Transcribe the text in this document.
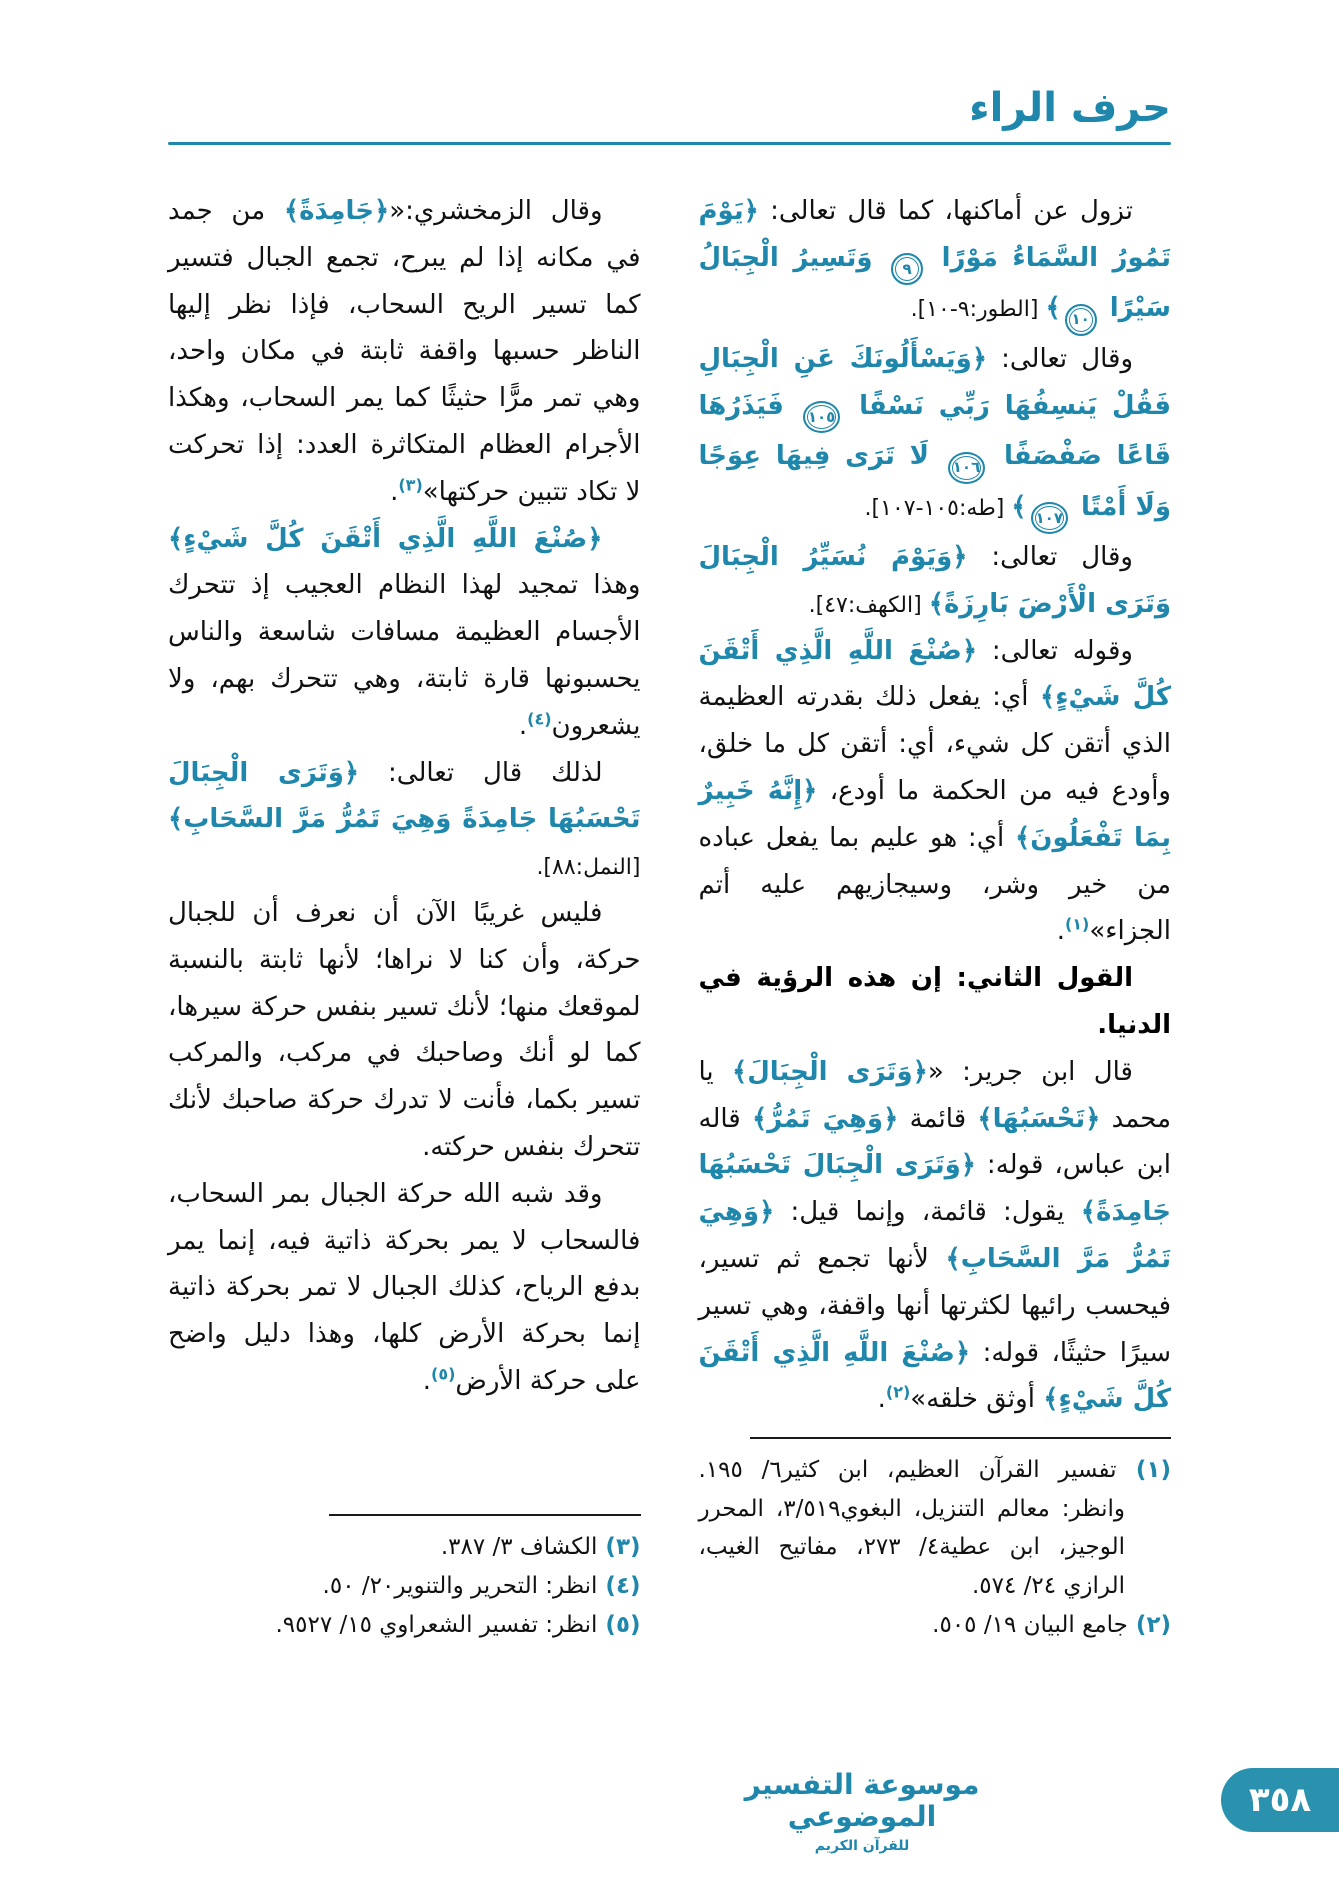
حرف الراء

تزول عن أماكنها، كما قال تعالى: ﴿يَوْمَ تَمُورُ السَّمَاءُ مَوْرًا ٩ وَتَسِيرُ الْجِبَالُ سَيْرًا ١٠﴾ [الطور:٩-١٠].

وقال تعالى: ﴿وَيَسْأَلُونَكَ عَنِ الْجِبَالِ فَقُلْ يَنسِفُهَا رَبِّي نَسْفًا ١٠٥ فَيَذَرُهَا قَاعًا صَفْصَفًا ١٠٦ لَا تَرَى فِيهَا عِوَجًا وَلَا أَمْتًا ١٠٧﴾ [طه:١٠٥-١٠٧].

وقال تعالى: ﴿وَيَوْمَ نُسَيِّرُ الْجِبَالَ وَتَرَى الْأَرْضَ بَارِزَةً﴾ [الكهف:٤٧].

وقوله تعالى: ﴿صُنْعَ اللَّهِ الَّذِي أَتْقَنَ كُلَّ شَيْءٍ﴾ أي: يفعل ذلك بقدرته العظيمة الذي أتقن كل شيء، أي: أتقن كل ما خلق، وأودع فيه من الحكمة ما أودع، ﴿إِنَّهُ خَبِيرٌ بِمَا تَفْعَلُونَ﴾ أي: هو عليم بما يفعل عباده من خير وشر، وسيجازيهم عليه أتم الجزاء»$^{(١)}$.

القول الثاني: إن هذه الرؤية في الدنيا.

قال ابن جرير: «﴿وَتَرَى الْجِبَالَ﴾ يا محمد ﴿تَحْسَبُهَا﴾ قائمة ﴿وَهِيَ تَمُرُّ﴾ قاله ابن عباس، قوله: ﴿وَتَرَى الْجِبَالَ تَحْسَبُهَا جَامِدَةً﴾ يقول: قائمة، وإنما قيل: ﴿وَهِيَ تَمُرُّ مَرَّ السَّحَابِ﴾ لأنها تجمع ثم تسير، فيحسب رائيها لكثرتها أنها واقفة، وهي تسير سيرًا حثيثًا، قوله: ﴿صُنْعَ اللَّهِ الَّذِي أَتْقَنَ كُلَّ شَيْءٍ﴾ أوثق خلقه»$^{(٢)}$.

(١) تفسير القرآن العظيم، ابن كثير٦/ ١٩٥. وانظر: معالم التنزيل، البغوي٣/٥١٩، المحرر الوجيز، ابن عطية٤/ ٢٧٣، مفاتيح الغيب، الرازي ٢٤/ ٥٧٤.

(٢) جامع البيان ١٩/ ٥٠٥.

وقال الزمخشري:«﴿جَامِدَةً﴾ من جمد في مكانه إذا لم يبرح، تجمع الجبال فتسير كما تسير الريح السحاب، فإذا نظر إليها الناظر حسبها واقفة ثابتة في مكان واحد، وهي تمر مرًّا حثيثًا كما يمر السحاب، وهكذا الأجرام العظام المتكاثرة العدد: إذا تحركت لا تكاد تتبين حركتها»$^{(٣)}$.

﴿صُنْعَ اللَّهِ الَّذِي أَتْقَنَ كُلَّ شَيْءٍ﴾ وهذا تمجيد لهذا النظام العجيب إذ تتحرك الأجسام العظيمة مسافات شاسعة والناس يحسبونها قارة ثابتة، وهي تتحرك بهم، ولا يشعرون$^{(٤)}$.

لذلك قال تعالى: ﴿وَتَرَى الْجِبَالَ تَحْسَبُهَا جَامِدَةً وَهِيَ تَمُرُّ مَرَّ السَّحَابِ﴾ [النمل:٨٨].

فليس غريبًا الآن أن نعرف أن للجبال حركة، وأن كنا لا نراها؛ لأنها ثابتة بالنسبة لموقعك منها؛ لأنك تسير بنفس حركة سيرها، كما لو أنك وصاحبك في مركب، والمركب تسير بكما، فأنت لا تدرك حركة صاحبك لأنك تتحرك بنفس حركته.

وقد شبه الله حركة الجبال بمر السحاب، فالسحاب لا يمر بحركة ذاتية فيه، إنما يمر بدفع الرياح، كذلك الجبال لا تمر بحركة ذاتية إنما بحركة الأرض كلها، وهذا دليل واضح على حركة الأرض$^{(٥)}$.

(٣) الكشاف ٣/ ٣٨٧.

(٤) انظر: التحرير والتنوير٢٠/ ٥٠.

(٥) انظر: تفسير الشعراوي ١٥/ ٩٥٢٧.

موسوعة التفسير الموضوعي
للقرآن الكريم
٣٥٨
